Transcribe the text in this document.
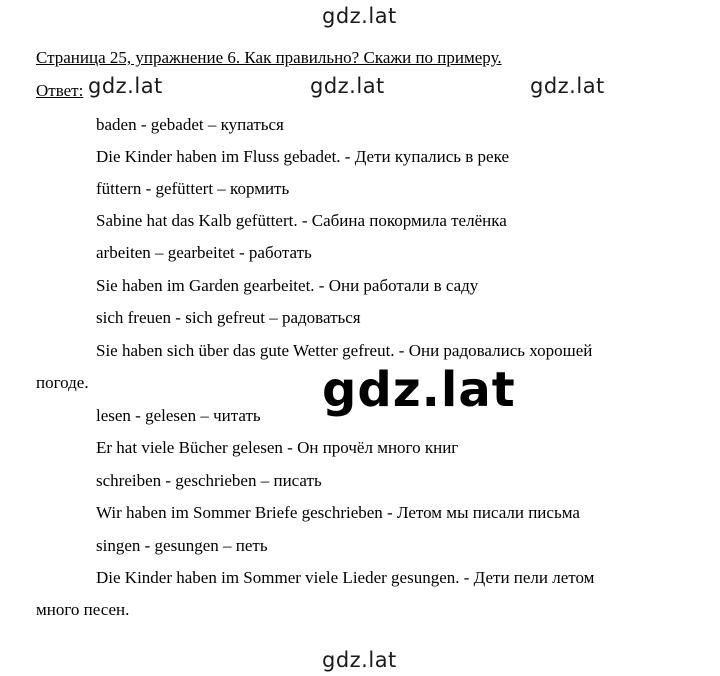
gdz.lat
Страница 25, упражнение 6. Как правильно? Скажи по примеру.
Ответ: gdz.lat	gdz.lat	gdz.lat
baden - gebadet – купаться
Die Kinder haben im Fluss gebadet. - Дети купались в реке
füttern - gefüttert – кормить
Sabine hat das Kalb gefüttert. - Сабина покормила телёнка
arbeiten – gearbeitet - работать
Sie haben im Garden gearbeitet. - Они работали в саду
sich freuen - sich gefreut – радоваться
Sie haben sich über das gute Wetter gefreut. - Они радовались хорошей
погоде.	gdz.lat
lesen - gelesen – читать
Er hat viele Bücher gelesen - Он прочёл много книг
schreiben - geschrieben – писать
Wir haben im Sommer Briefe geschrieben - Летом мы писали письма
singen - gesungen – петь
Die Kinder haben im Sommer viele Lieder gesungen. - Дети пели летом
много песен.
gdz.lat
